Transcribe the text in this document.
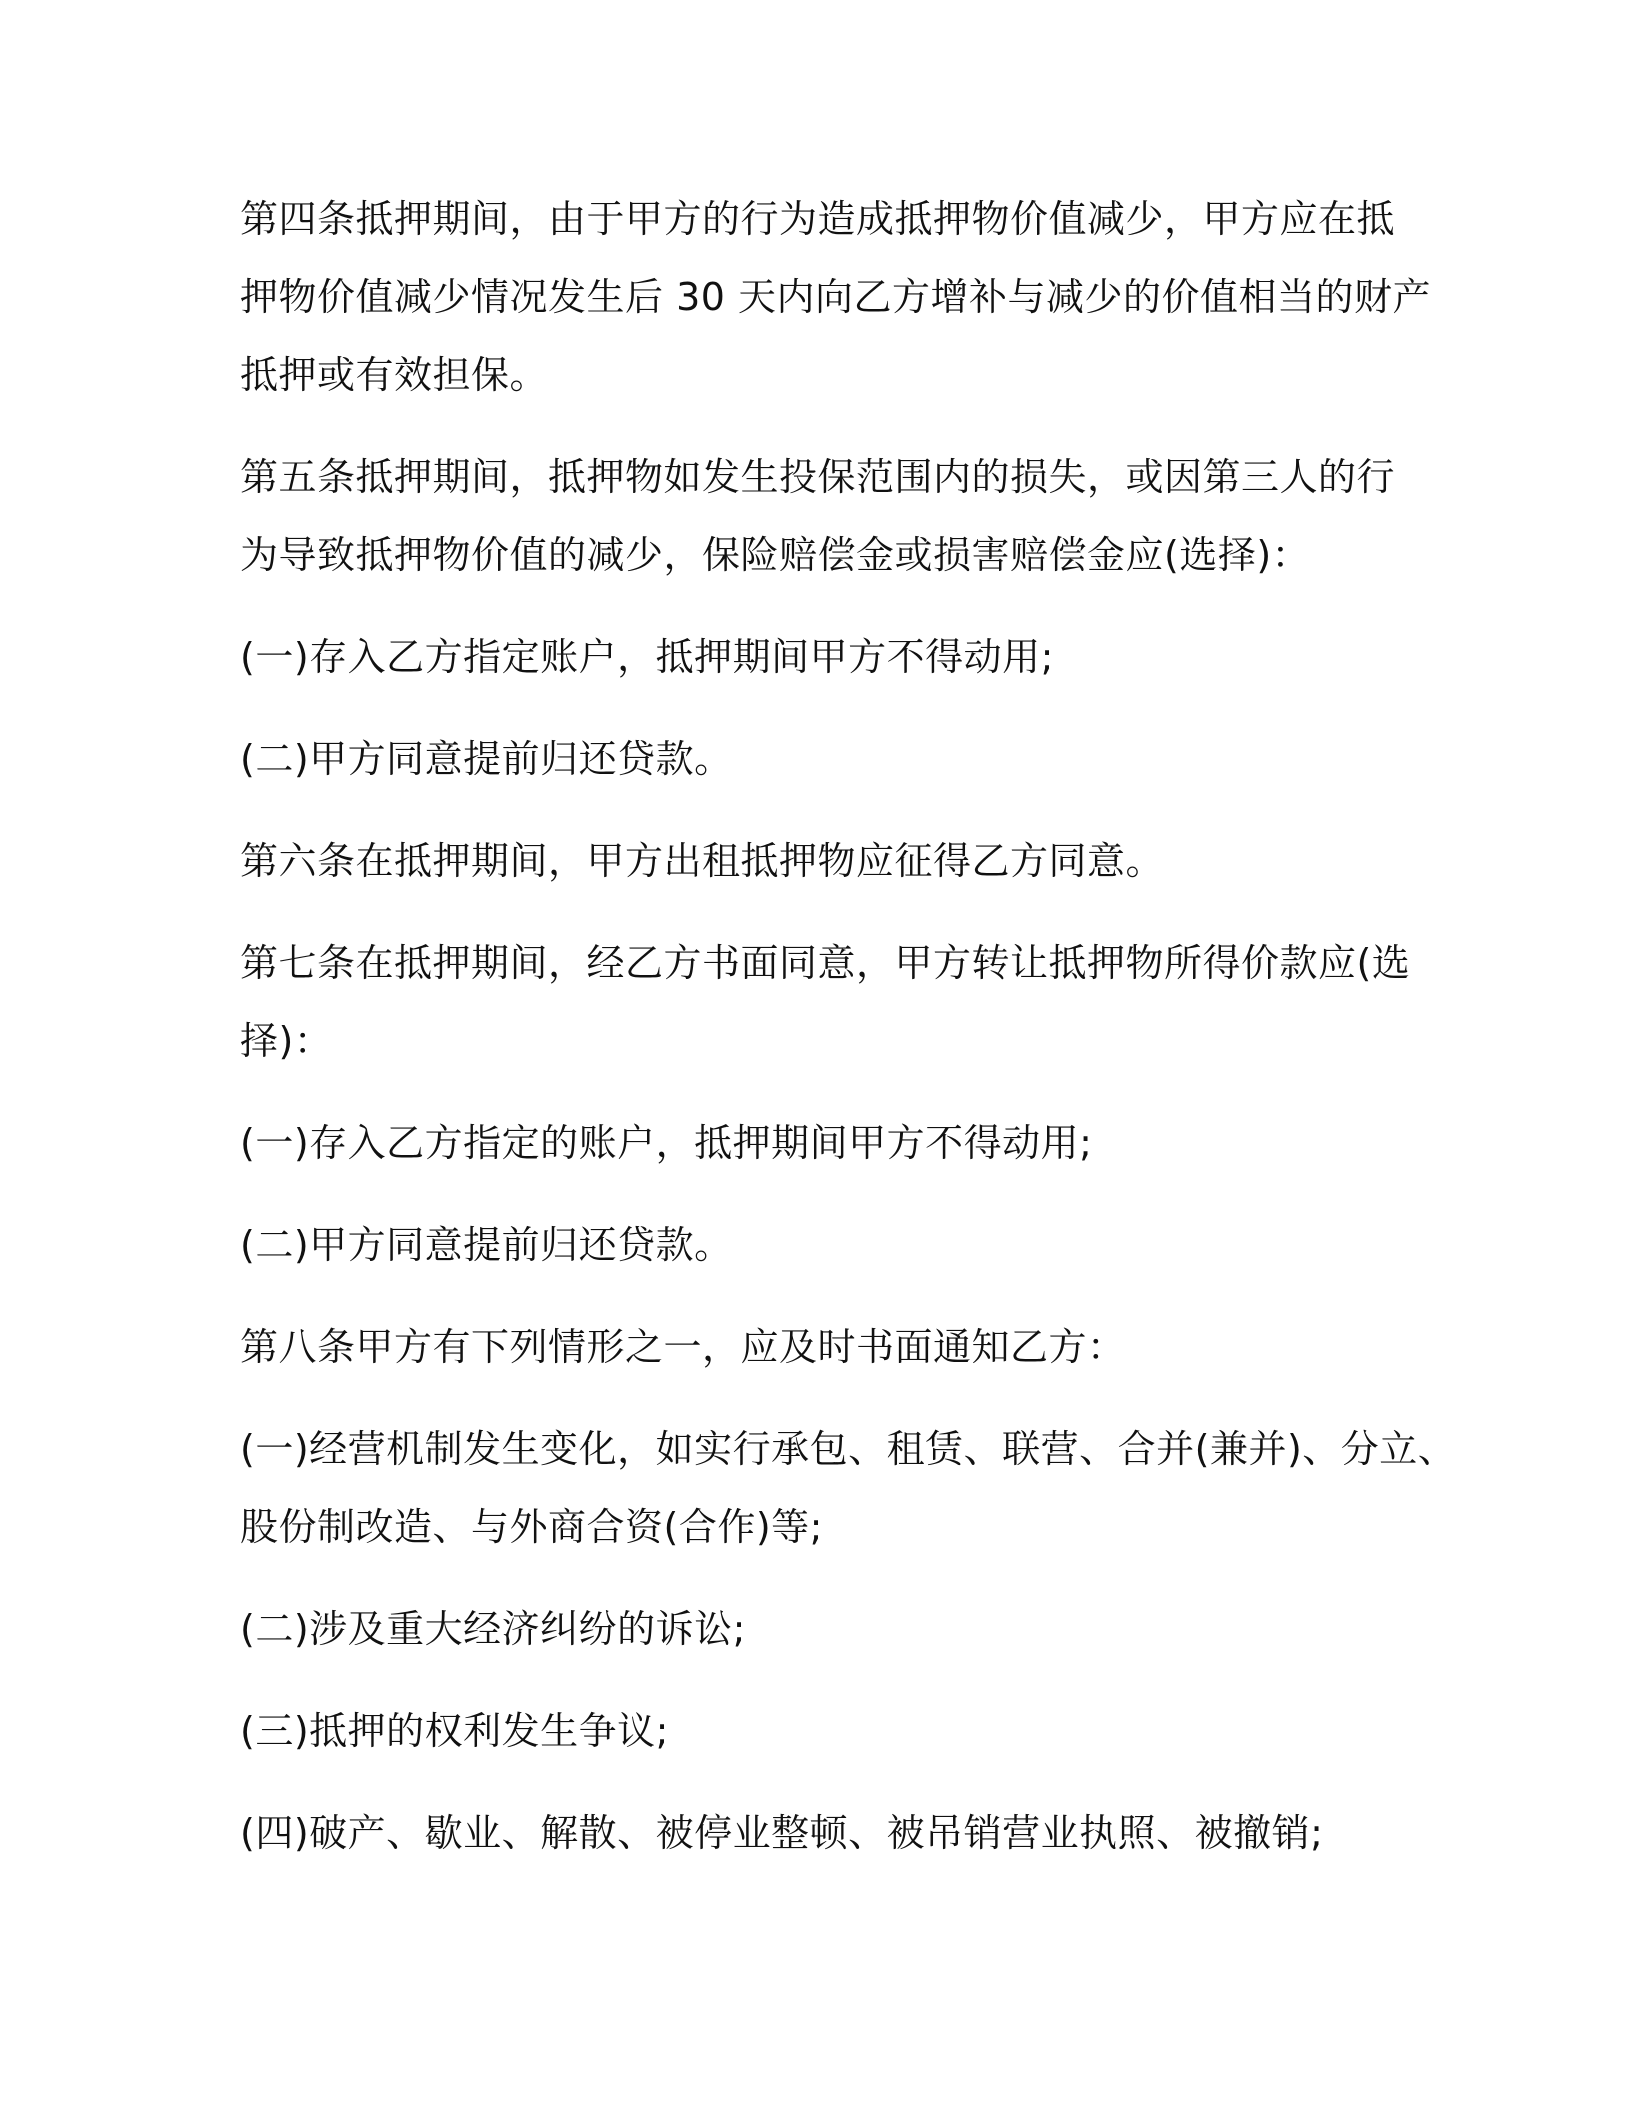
第四条抵押期间，由于甲方的行为造成抵押物价值减少，甲方应在抵
押物价值减少情况发生后 30 天内向乙方增补与减少的价值相当的财产
抵押或有效担保。

第五条抵押期间，抵押物如发生投保范围内的损失，或因第三人的行
为导致抵押物价值的减少，保险赔偿金或损害赔偿金应(选择)：

(一)存入乙方指定账户，抵押期间甲方不得动用;

(二)甲方同意提前归还贷款。

第六条在抵押期间，甲方出租抵押物应征得乙方同意。

第七条在抵押期间，经乙方书面同意，甲方转让抵押物所得价款应(选
择)：

(一)存入乙方指定的账户，抵押期间甲方不得动用;

(二)甲方同意提前归还贷款。

第八条甲方有下列情形之一，应及时书面通知乙方：

(一)经营机制发生变化，如实行承包、租赁、联营、合并(兼并)、分立、
股份制改造、与外商合资(合作)等;

(二)涉及重大经济纠纷的诉讼;

(三)抵押的权利发生争议;

(四)破产、歇业、解散、被停业整顿、被吊销营业执照、被撤销;
